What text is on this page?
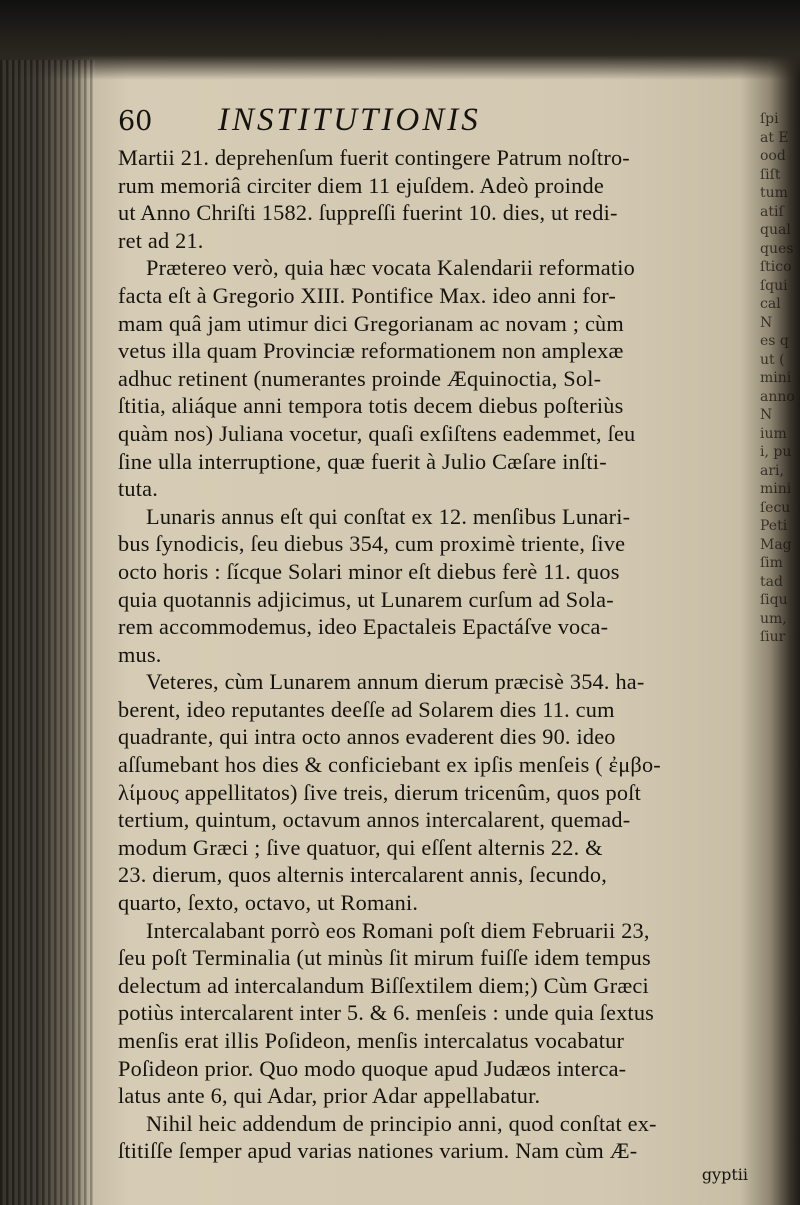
ſpi
at E
ood
ſiſt
tum
atiſ
qual
ques
ſtico
ſqui
cal
N
es q
ut (
mini
anno
N
ium
i, pu
ari,
mini
ſecu
Peti
Mag
ſim
tad
ſiqu
um,
ſiur
60 INSTITUTIONIS
Martii 21. deprehenſum fuerit contingere Patrum noſtro-
rum memoriâ circiter diem 11 ejuſdem. Adeò proinde
ut Anno Chriſti 1582. ſuppreſſi fuerint 10. dies, ut redi-
ret ad 21.
Prætereo verò, quia hæc vocata Kalendarii reformatio
facta eſt à Gregorio XIII. Pontifice Max. ideo anni for-
mam quâ jam utimur dici Gregorianam ac novam ; cùm
vetus illa quam Provinciæ reformationem non amplexæ
adhuc retinent (numerantes proinde Æquinoctia, Sol-
ſtitia, aliáque anni tempora totis decem diebus poſteriùs
quàm nos) Juliana vocetur, quaſi exſiſtens eademmet, ſeu
ſine ulla interruptione, quæ fuerit à Julio Cæſare inſti-
tuta.
Lunaris annus eſt qui conſtat ex 12. menſibus Lunari-
bus ſynodicis, ſeu diebus 354, cum proximè triente, ſive
octo horis : ſícque Solari minor eſt diebus ferè 11. quos
quia quotannis adjicimus, ut Lunarem curſum ad Sola-
rem accommodemus, ideo Epactaleis Epactáſve voca-
mus.
Veteres, cùm Lunarem annum dierum præcisè 354. ha-
berent, ideo reputantes deeſſe ad Solarem dies 11. cum
quadrante, qui intra octo annos evaderent dies 90. ideo
aſſumebant hos dies & conficiebant ex ipſis menſeis ( ἐμβο-
λίμους appellitatos) ſive treis, dierum tricenûm, quos poſt
tertium, quintum, octavum annos intercalarent, quemad-
modum Græci ; ſive quatuor, qui eſſent alternis 22. &
23. dierum, quos alternis intercalarent annis, ſecundo,
quarto, ſexto, octavo, ut Romani.
Intercalabant porrò eos Romani poſt diem Februarii 23,
ſeu poſt Terminalia (ut minùs ſit mirum fuiſſe idem tempus
delectum ad intercalandum Biſſextilem diem;) Cùm Græci
potiùs intercalarent inter 5. & 6. menſeis : unde quia ſextus
menſis erat illis Poſideon, menſis intercalatus vocabatur
Poſideon prior. Quo modo quoque apud Judæos interca-
latus ante 6, qui Adar, prior Adar appellabatur.
Nihil heic addendum de principio anni, quod conſtat ex-
ſtitiſſe ſemper apud varias nationes varium. Nam cùm Æ-
gyptii
